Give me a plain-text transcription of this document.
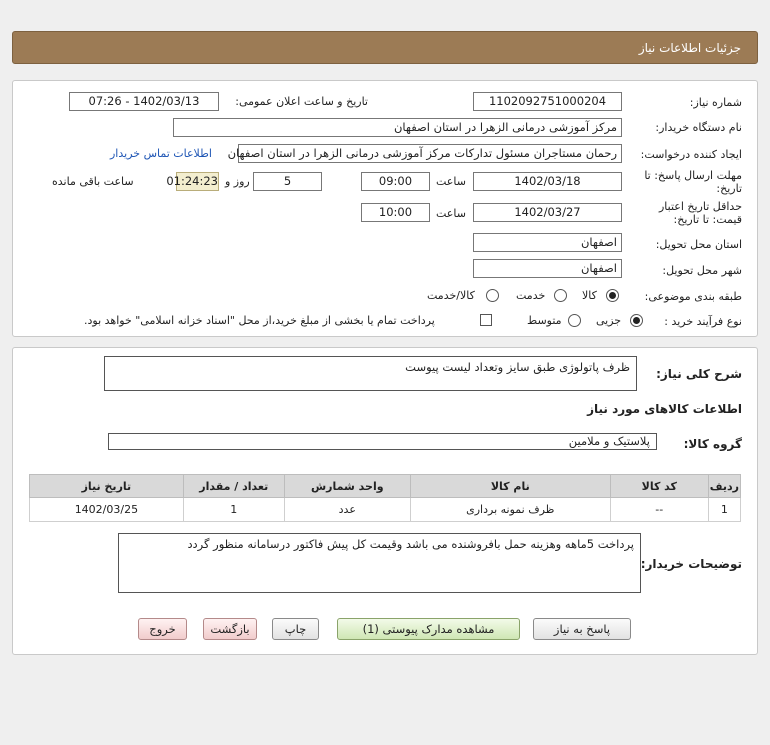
جزئیات اطلاعات نیاز
شماره نیاز:
1102092751000204
تاریخ و ساعت اعلان عمومی:
1402/03/13 - 07:26
نام دستگاه خریدار:
مرکز آموزشی درمانی الزهرا در استان اصفهان
ایجاد کننده درخواست:
رحمان مستاجران مسئول تدارکات مرکز آموزشی درمانی الزهرا در استان اصفهان
اطلاعات تماس خریدار
مهلت ارسال پاسخ: تا
تاریخ:
1402/03/18
ساعت
09:00
5
روز و
01:24:23
ساعت باقی مانده
حداقل تاریخ اعتبار
قیمت: تا تاریخ:
1402/03/27
ساعت
10:00
استان محل تحویل:
اصفهان
شهر محل تحویل:
اصفهان
طبقه بندی موضوعی:
کالا
خدمت
کالا/خدمت
نوع فرآیند خرید :
جزیی
متوسط
پرداخت تمام یا بخشی از مبلغ خرید،از محل "اسناد خزانه اسلامی" خواهد بود.
شرح کلی نیاز:
ظرف پاتولوژی طبق سایز وتعداد لیست پیوست
اطلاعات کالاهای مورد نیاز
گروه کالا:
پلاستیک و ملامین
ردیف	کد کالا	نام کالا	واحد شمارش	تعداد / مقدار	تاریخ نیاز
1	--	ظرف نمونه برداری	عدد	1	1402/03/25
توضیحات خریدار:
پرداخت 5ماهه وهزینه حمل بافروشنده می باشد وقیمت کل پیش فاکتور درسامانه منظور گردد
پاسخ به نیاز
مشاهده مدارک پیوستی (1)
چاپ
بازگشت
خروج
